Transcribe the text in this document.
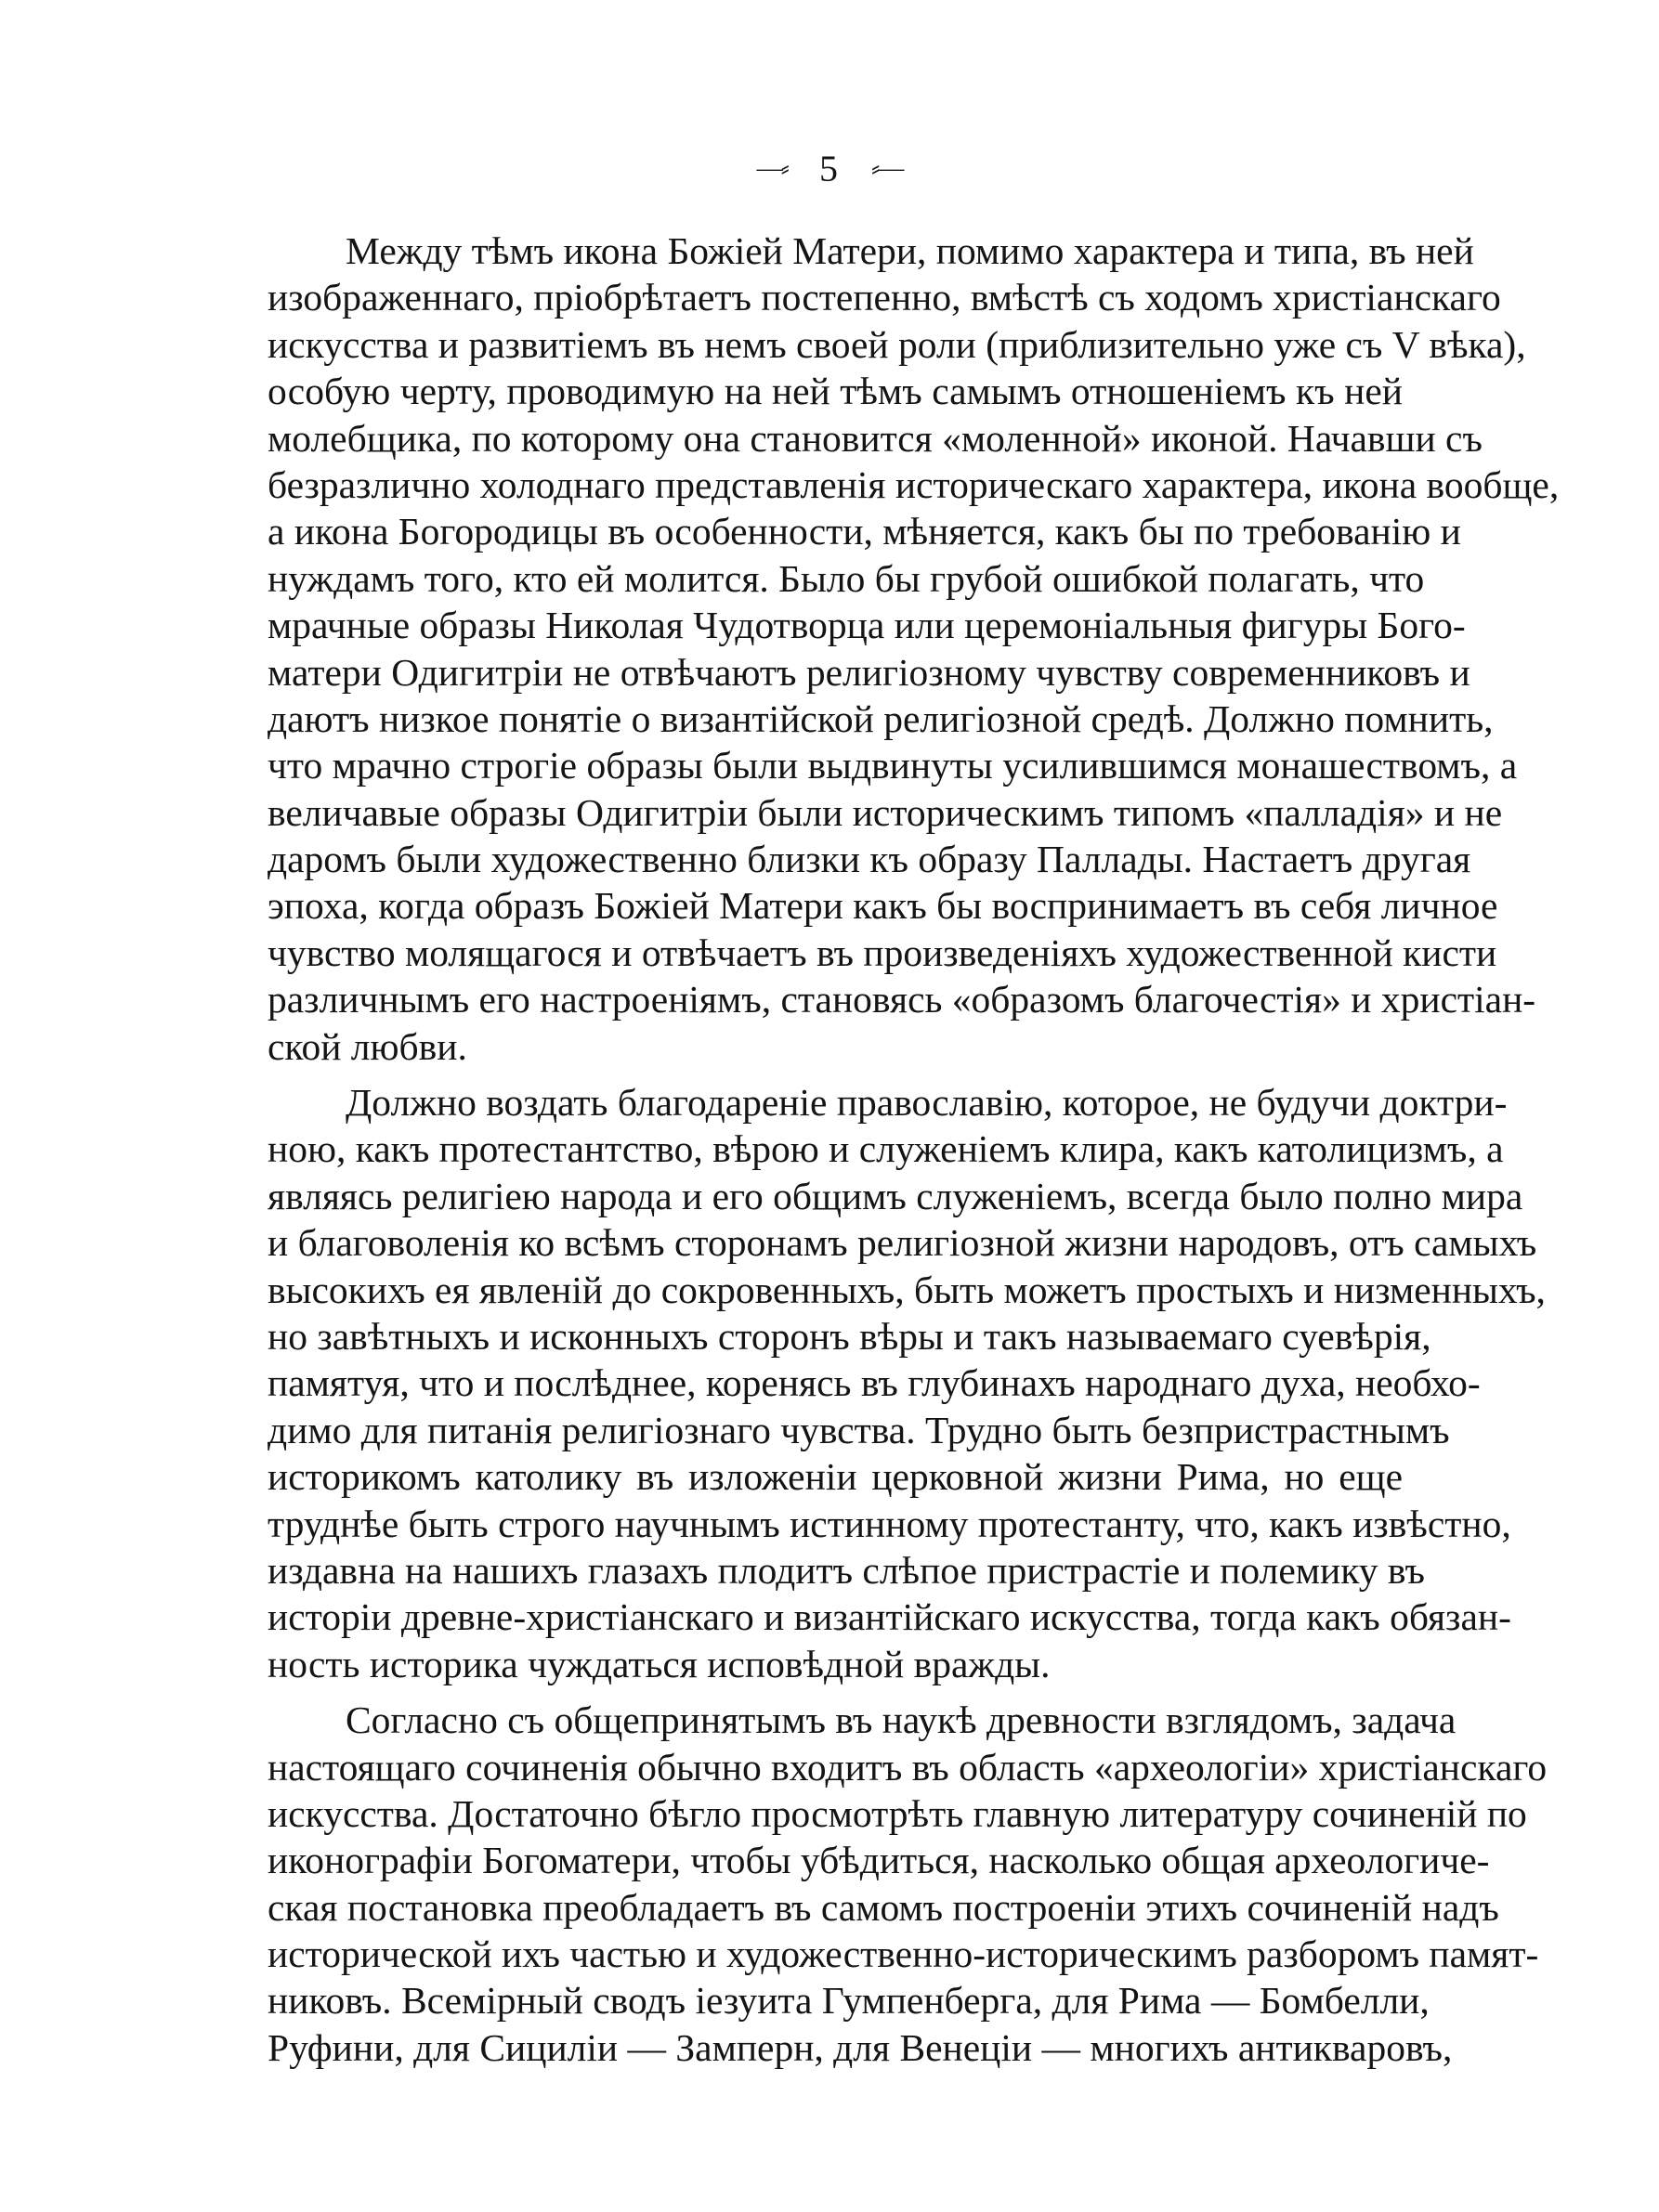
—⸗ 5 ⸗—
Между тѣмъ икона Божіей Матери, помимо характера и типа, въ ней
изображеннаго, пріобрѣтаетъ постепенно, вмѣстѣ съ ходомъ христіанскаго
искусства и развитіемъ въ немъ своей роли (приблизительно уже съ V вѣка),
особую черту, проводимую на ней тѣмъ самымъ отношеніемъ къ ней
молебщика, по которому она становится «моленной» иконой. Начавши съ
безразлично холоднаго представленія историческаго характера, икона вообще,
а икона Богородицы въ особенности, мѣняется, какъ бы по требованію и
нуждамъ того, кто ей молится. Было бы грубой ошибкой полагать, что
мрачные образы Николая Чудотворца или церемоніальныя фигуры Бого-
матери Одигитріи не отвѣчаютъ религіозному чувству современниковъ и
даютъ низкое понятіе о византійской религіозной средѣ. Должно помнить,
что мрачно строгіе образы были выдвинуты усилившимся монашествомъ, а
величавые образы Одигитріи были историческимъ типомъ «палладія» и не
даромъ были художественно близки къ образу Паллады. Настаетъ другая
эпоха, когда образъ Божіей Матери какъ бы воспринимаетъ въ себя личное
чувство молящагося и отвѣчаетъ въ произведеніяхъ художественной кисти
различнымъ его настроеніямъ, становясь «образомъ благочестія» и христіан-
ской любви.
Должно воздать благодареніе православію, которое, не будучи доктри-
ною, какъ протестантство, вѣрою и служеніемъ клира, какъ католицизмъ, а
являясь религіею народа и его общимъ служеніемъ, всегда было полно мира
и благоволенія ко всѣмъ сторонамъ религіозной жизни народовъ, отъ самыхъ
высокихъ ея явленій до сокровенныхъ, быть можетъ простыхъ и низменныхъ,
но завѣтныхъ и исконныхъ сторонъ вѣры и такъ называемаго суевѣрія,
памятуя, что и послѣднее, коренясь въ глубинахъ народнаго духа, необхо-
димо для питанія религіознаго чувства. Трудно быть безпристрастнымъ
историкомъ католику въ изложеніи церковной жизни Рима, но еще
труднѣе быть строго научнымъ истинному протестанту, что, какъ извѣстно,
издавна на нашихъ глазахъ плодитъ слѣпое пристрастіе и полемику въ
исторіи древне-христіанскаго и византійскаго искусства, тогда какъ обязан-
ность историка чуждаться исповѣдной вражды.
Согласно съ общепринятымъ въ наукѣ древности взглядомъ, задача
настоящаго сочиненія обычно входитъ въ область «археологіи» христіанскаго
искусства. Достаточно бѣгло просмотрѣть главную литературу сочиненій по
иконографіи Богоматери, чтобы убѣдиться, насколько общая археологиче-
ская постановка преобладаетъ въ самомъ построеніи этихъ сочиненій надъ
исторической ихъ частью и художественно-историческимъ разборомъ памят-
никовъ. Всемірный сводъ іезуита Гумпенберга, для Рима — Бомбелли,
Руфини, для Сициліи — Замперн, для Венеціи — многихъ антикваровъ,
